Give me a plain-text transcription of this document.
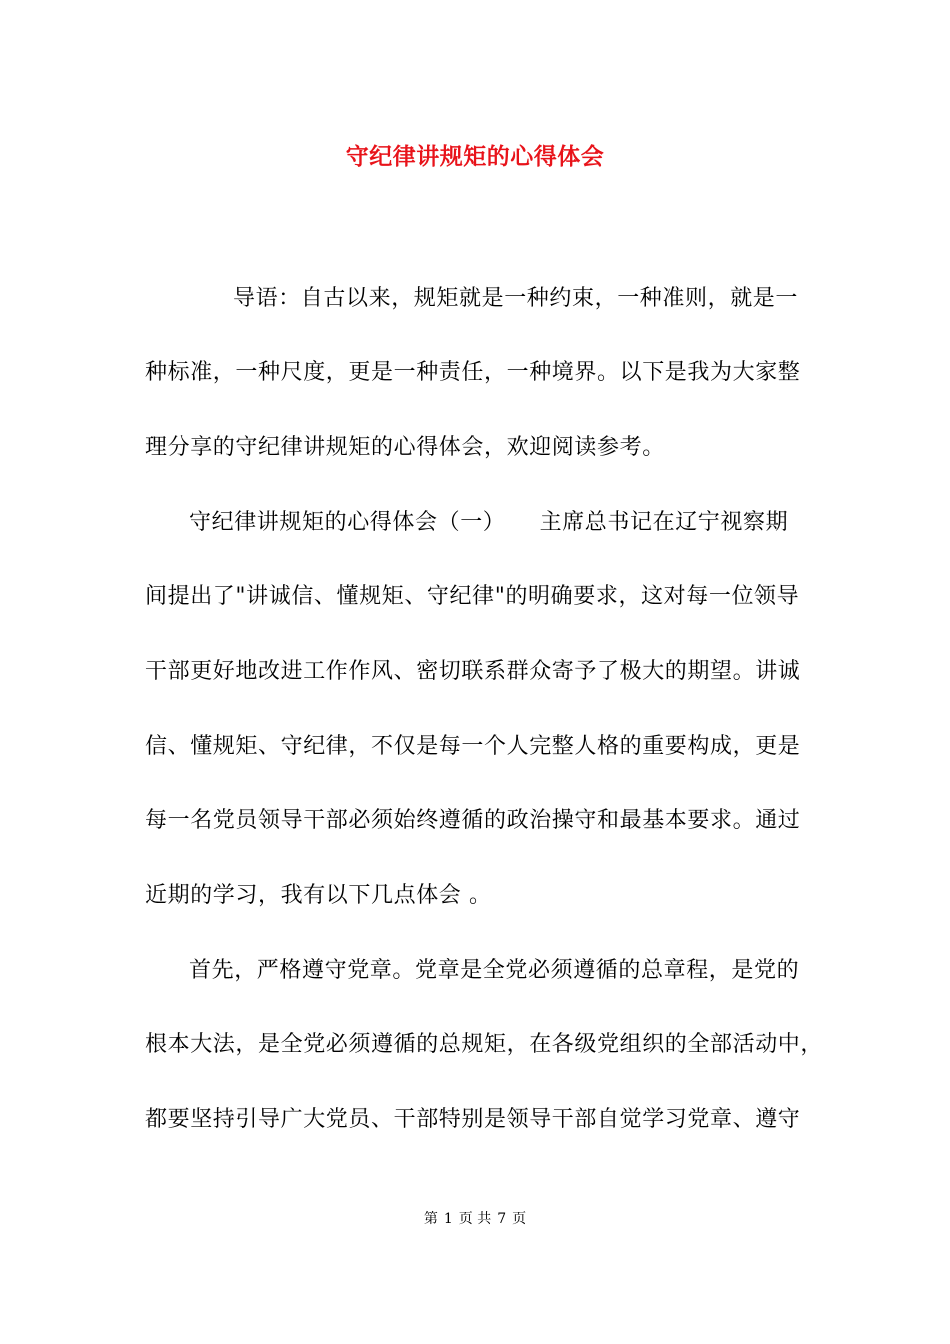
守纪律讲规矩的心得体会
导语：自古以来，规矩就是一种约束，一种准则，就是一
种标准，一种尺度，更是一种责任，一种境界。以下是我为大家整
理分享的守纪律讲规矩的心得体会，欢迎阅读参考。
守纪律讲规矩的心得体会（一）　　主席总书记在辽宁视察期
间提出了"讲诚信、懂规矩、守纪律"的明确要求，这对每一位领导
干部更好地改进工作作风、密切联系群众寄予了极大的期望。讲诚
信、懂规矩、守纪律，不仅是每一个人完整人格的重要构成，更是
每一名党员领导干部必须始终遵循的政治操守和最基本要求。通过
近期的学习，我有以下几点体会 。
首先，严格遵守党章。党章是全党必须遵循的总章程，是党的
根本大法，是全党必须遵循的总规矩，在各级党组织的全部活动中，
都要坚持引导广大党员、干部特别是领导干部自觉学习党章、遵守
第 1 页 共 7 页
